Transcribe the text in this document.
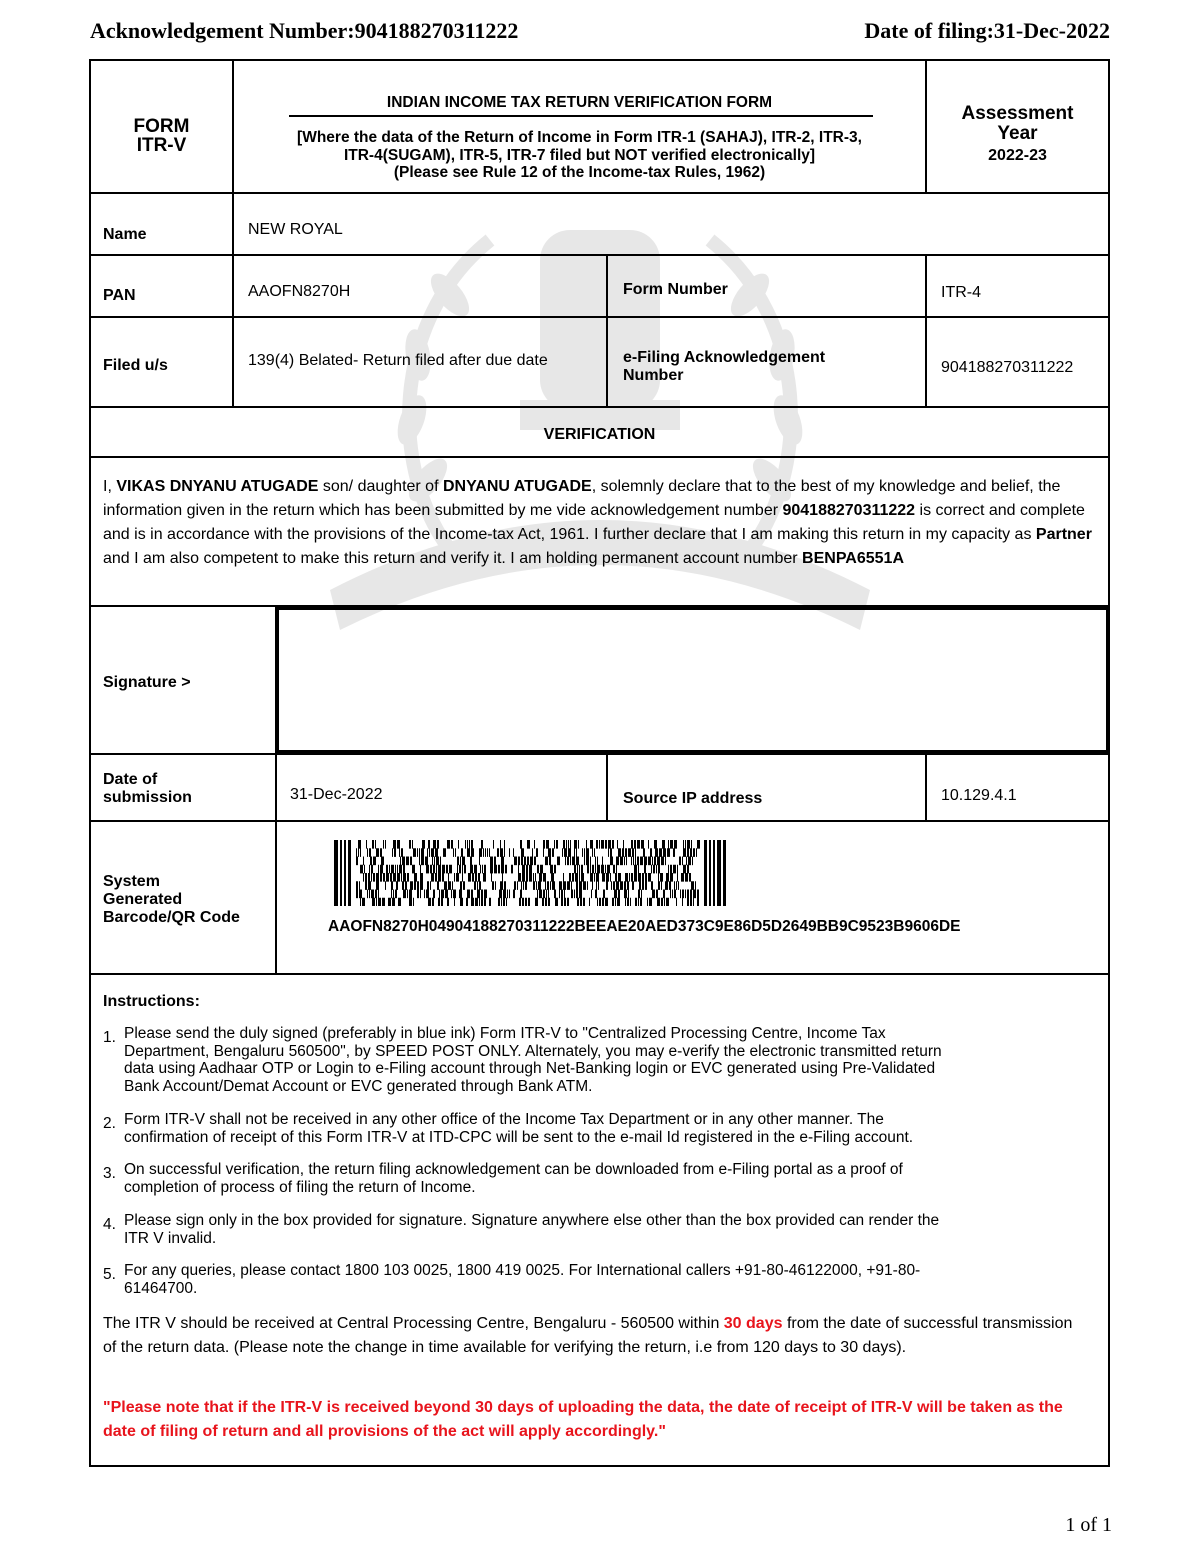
Acknowledgement Number:904188270311222	Date of filing:31-Dec-2022
FORM
ITR-V
INDIAN INCOME TAX RETURN VERIFICATION FORM
[Where the data of the Return of Income in Form ITR-1 (SAHAJ), ITR-2, ITR-3,
ITR-4(SUGAM), ITR-5, ITR-7 filed but NOT verified electronically]
(Please see Rule 12 of the Income-tax Rules, 1962)
Assessment
Year
2022-23
Name	NEW ROYAL
PAN	AAOFN8270H	Form Number	ITR-4
Filed u/s	139(4) Belated- Return filed after due date	e-Filing Acknowledgement
Number	904188270311222
VERIFICATION
I, VIKAS DNYANU ATUGADE son/ daughter of DNYANU ATUGADE, solemnly declare that to the best of my knowledge and belief, the information given in the return which has been submitted by me vide acknowledgement number 904188270311222 is correct and complete and is in accordance with the provisions of the Income-tax Act, 1961. I further declare that I am making this return in my capacity as Partner and I am also competent to make this return and verify it. I am holding permanent account number BENPA6551A
Signature >
Date of
submission	31-Dec-2022	Source IP address	10.129.4.1
System
Generated
Barcode/QR Code
AAOFN8270H04904188270311222BEEAE20AED373C9E86D5D2649BB9C9523B9606DE
Instructions:
1. Please send the duly signed (preferably in blue ink) Form ITR-V to "Centralized Processing Centre, Income Tax
Department, Bengaluru 560500", by SPEED POST ONLY. Alternately, you may e-verify the electronic transmitted return
data using Aadhaar OTP or Login to e-Filing account through Net-Banking login or EVC generated using Pre-Validated
Bank Account/Demat Account or EVC generated through Bank ATM.
2. Form ITR-V shall not be received in any other office of the Income Tax Department or in any other manner. The
confirmation of receipt of this Form ITR-V at ITD-CPC will be sent to the e-mail Id registered in the e-Filing account.
3. On successful verification, the return filing acknowledgement can be downloaded from e-Filing portal as a proof of
completion of process of filing the return of Income.
4. Please sign only in the box provided for signature. Signature anywhere else other than the box provided can render the
ITR V invalid.
5. For any queries, please contact 1800 103 0025, 1800 419 0025. For International callers +91-80-46122000, +91-80-
61464700.
The ITR V should be received at Central Processing Centre, Bengaluru - 560500 within 30 days from the date of successful transmission of the return data. (Please note the change in time available for verifying the return, i.e from 120 days to 30 days).
"Please note that if the ITR-V is received beyond 30 days of uploading the data, the date of receipt of ITR-V will be taken as the date of filing of return and all provisions of the act will apply accordingly."
1 of 1
